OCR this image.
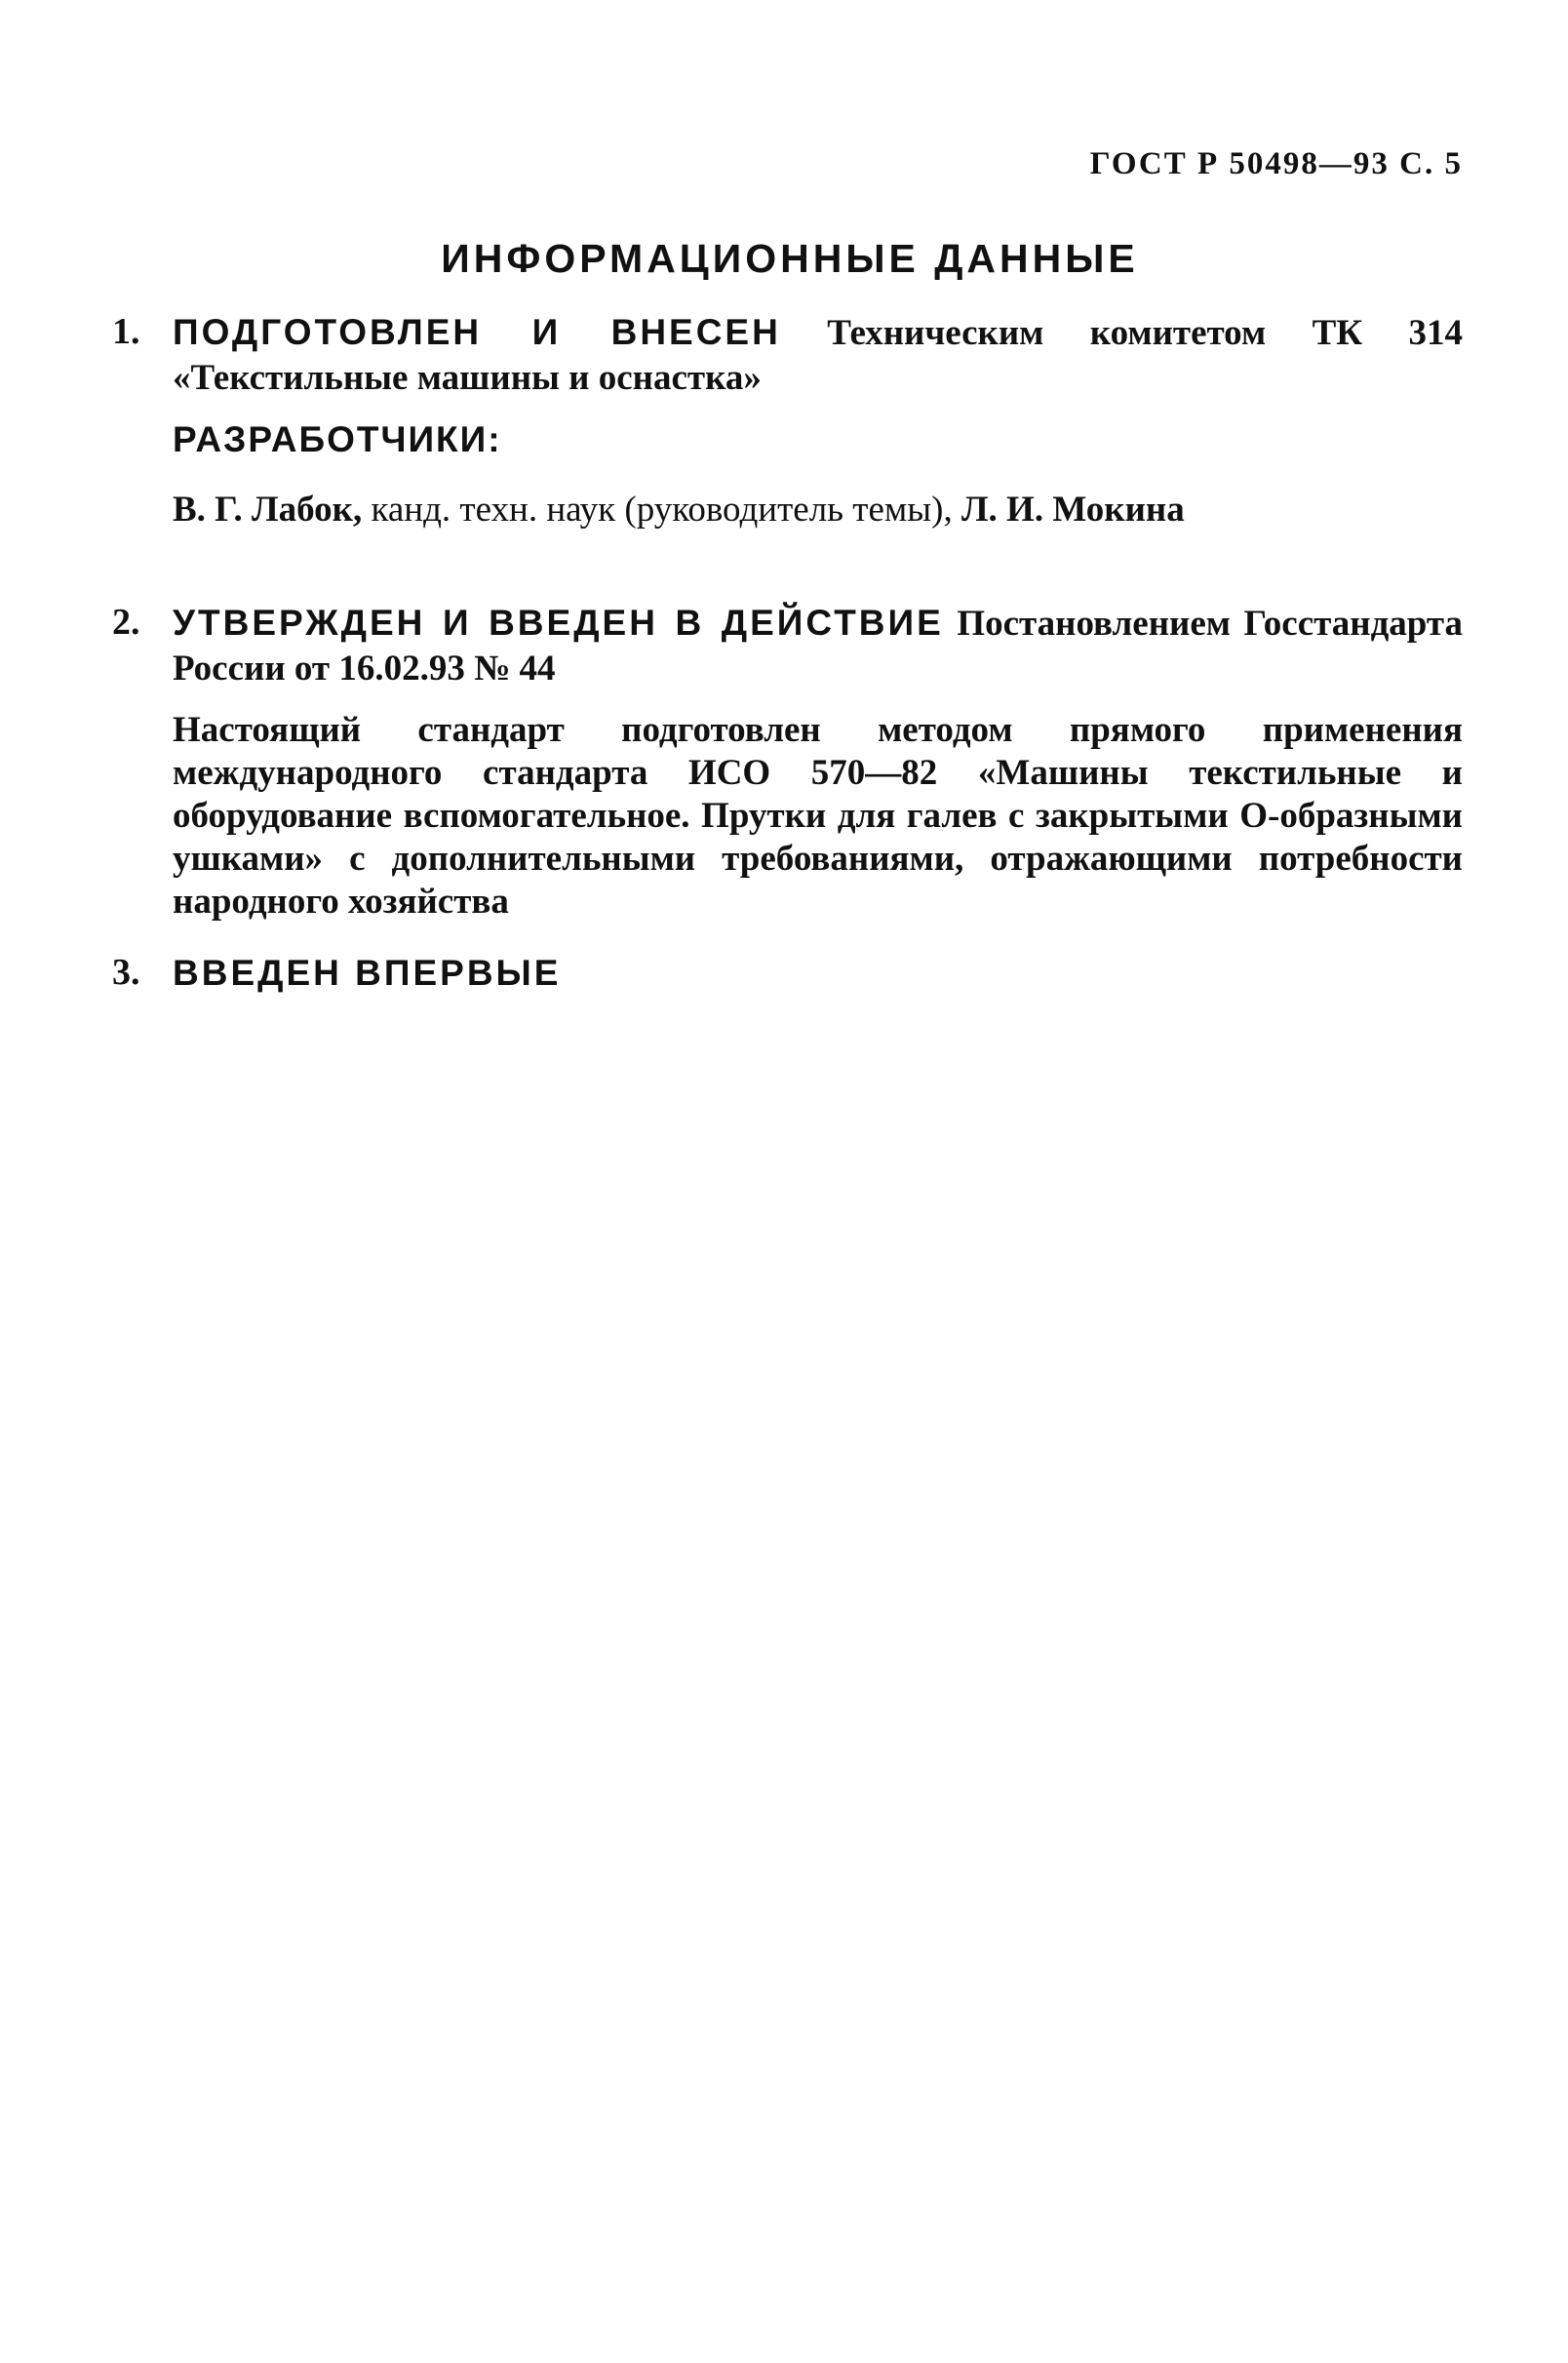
ГОСТ Р 50498—93 С. 5
ИНФОРМАЦИОННЫЕ ДАННЫЕ
1. ПОДГОТОВЛЕН И ВНЕСЕН Техническим комитетом ТК 314 «Текстильные машины и оснастка»
РАЗРАБОТЧИКИ:
В. Г. Лабок, канд. техн. наук (руководитель темы), Л. И. Мокина
2. УТВЕРЖДЕН И ВВЕДЕН В ДЕЙСТВИЕ Постановлением Госстандарта России от 16.02.93 № 44
Настоящий стандарт подготовлен методом прямого применения международного стандарта ИСО 570—82 «Машины текстильные и оборудование вспомогательное. Прутки для галев с закрытыми О-образными ушками» с дополнительными требованиями, отражающими потребности народного хозяйства
3. ВВЕДЕН ВПЕРВЫЕ
